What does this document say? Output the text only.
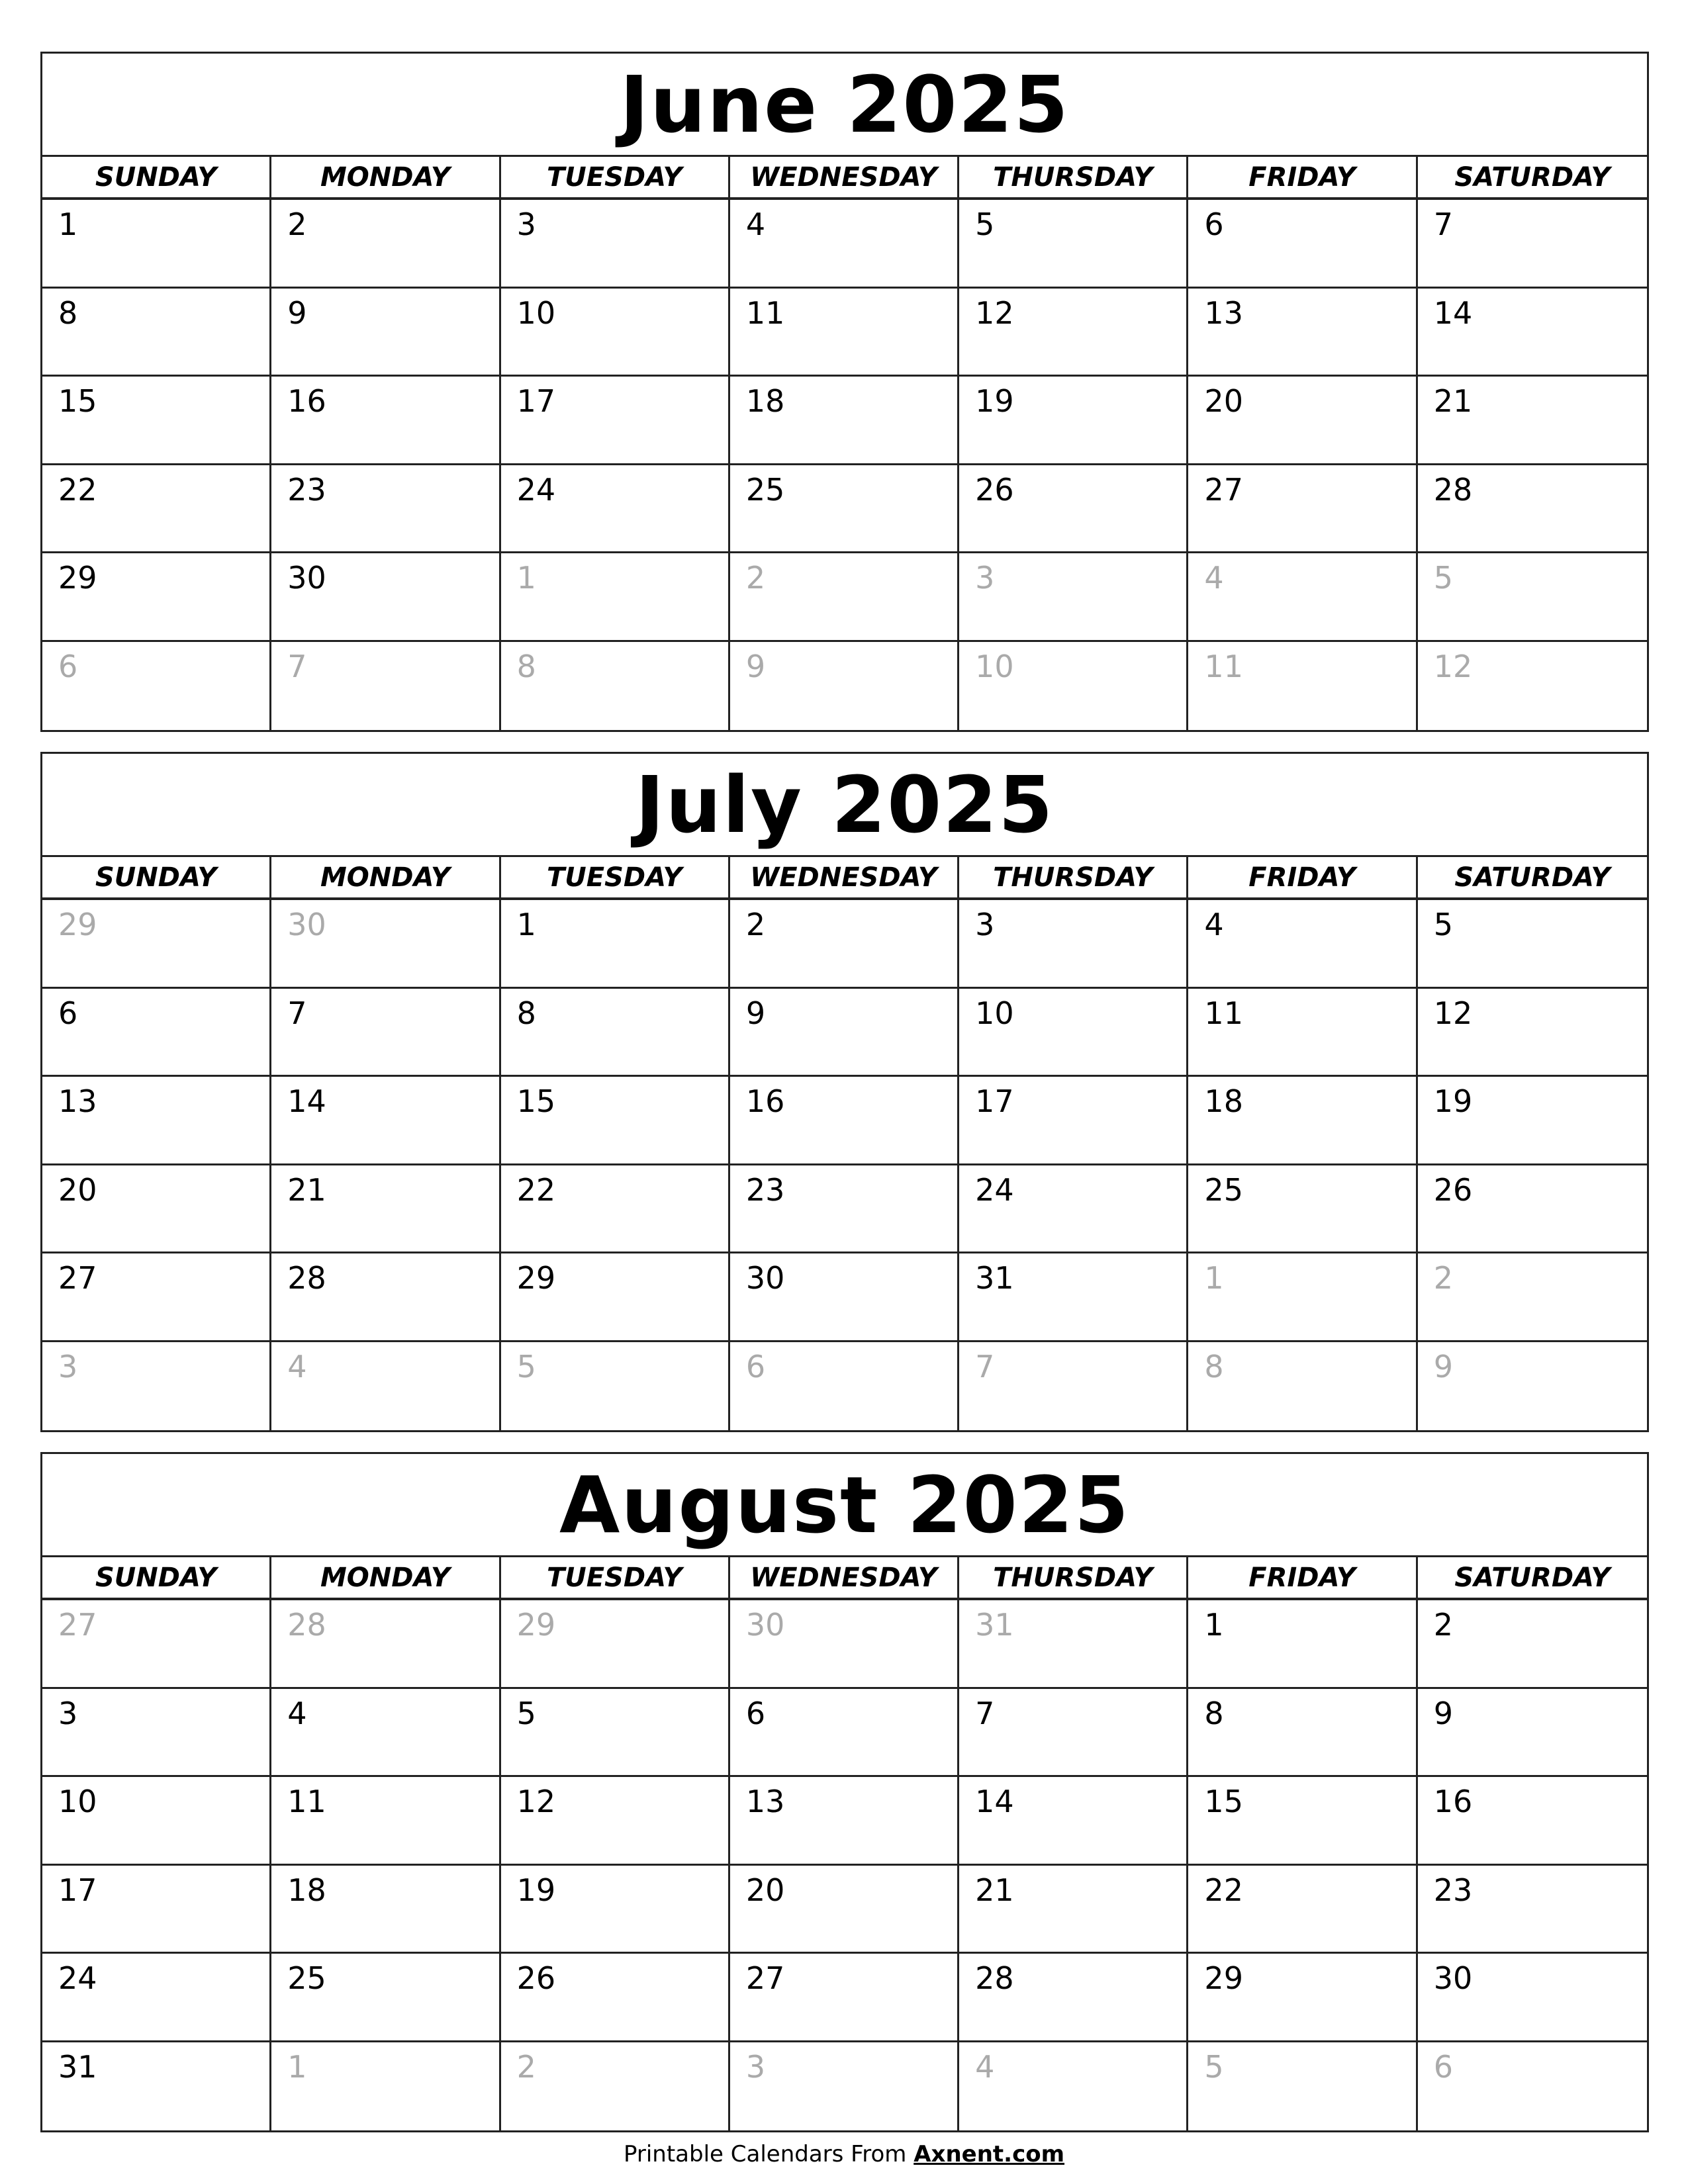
June 2025
SUNDAY	MONDAY	TUESDAY	WEDNESDAY	THURSDAY	FRIDAY	SATURDAY
1	2	3	4	5	6	7
8	9	10	11	12	13	14
15	16	17	18	19	20	21
22	23	24	25	26	27	28
29	30	1	2	3	4	5
6	7	8	9	10	11	12
July 2025
SUNDAY	MONDAY	TUESDAY	WEDNESDAY	THURSDAY	FRIDAY	SATURDAY
29	30	1	2	3	4	5
6	7	8	9	10	11	12
13	14	15	16	17	18	19
20	21	22	23	24	25	26
27	28	29	30	31	1	2
3	4	5	6	7	8	9
August 2025
SUNDAY	MONDAY	TUESDAY	WEDNESDAY	THURSDAY	FRIDAY	SATURDAY
27	28	29	30	31	1	2
3	4	5	6	7	8	9
10	11	12	13	14	15	16
17	18	19	20	21	22	23
24	25	26	27	28	29	30
31	1	2	3	4	5	6
Printable Calendars From Axnent.com
